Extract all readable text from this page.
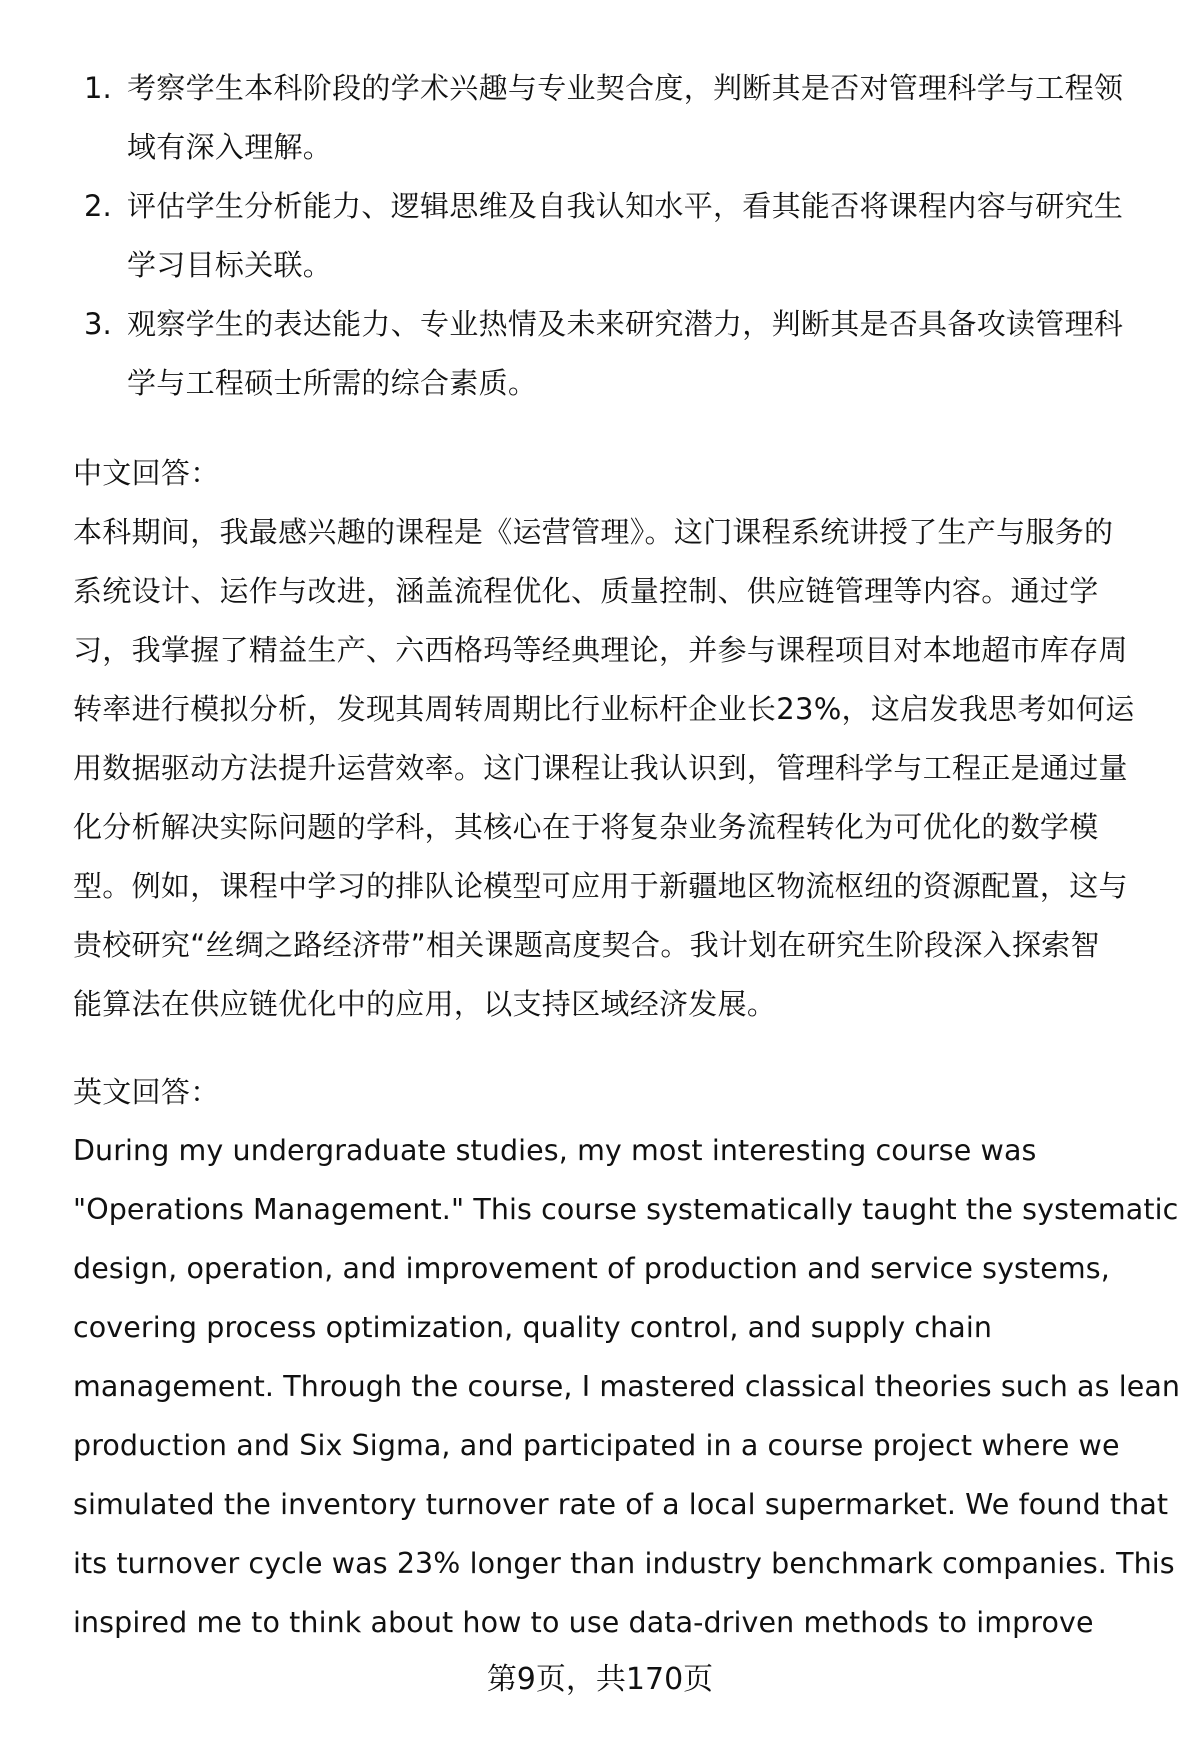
1. 考察学生本科阶段的学术兴趣与专业契合度，判断其是否对管理科学与工程领
域有深入理解。
2. 评估学生分析能力、逻辑思维及自我认知水平，看其能否将课程内容与研究生
学习目标关联。
3. 观察学生的表达能力、专业热情及未来研究潜力，判断其是否具备攻读管理科
学与工程硕士所需的综合素质。
中文回答：
本科期间，我最感兴趣的课程是《运营管理》。这门课程系统讲授了生产与服务的
系统设计、运作与改进，涵盖流程优化、质量控制、供应链管理等内容。通过学
习，我掌握了精益生产、六西格玛等经典理论，并参与课程项目对本地超市库存周
转率进行模拟分析，发现其周转周期比行业标杆企业长23%，这启发我思考如何运
用数据驱动方法提升运营效率。这门课程让我认识到，管理科学与工程正是通过量
化分析解决实际问题的学科，其核心在于将复杂业务流程转化为可优化的数学模
型。例如，课程中学习的排队论模型可应用于新疆地区物流枢纽的资源配置，这与
贵校研究“丝绸之路经济带”相关课题高度契合。我计划在研究生阶段深入探索智
能算法在供应链优化中的应用，以支持区域经济发展。
英文回答：
During my undergraduate studies, my most interesting course was
"Operations Management." This course systematically taught the systematic
design, operation, and improvement of production and service systems,
covering process optimization, quality control, and supply chain
management. Through the course, I mastered classical theories such as lean
production and Six Sigma, and participated in a course project where we
simulated the inventory turnover rate of a local supermarket. We found that
its turnover cycle was 23% longer than industry benchmark companies. This
inspired me to think about how to use data-driven methods to improve
第9页，共170页
